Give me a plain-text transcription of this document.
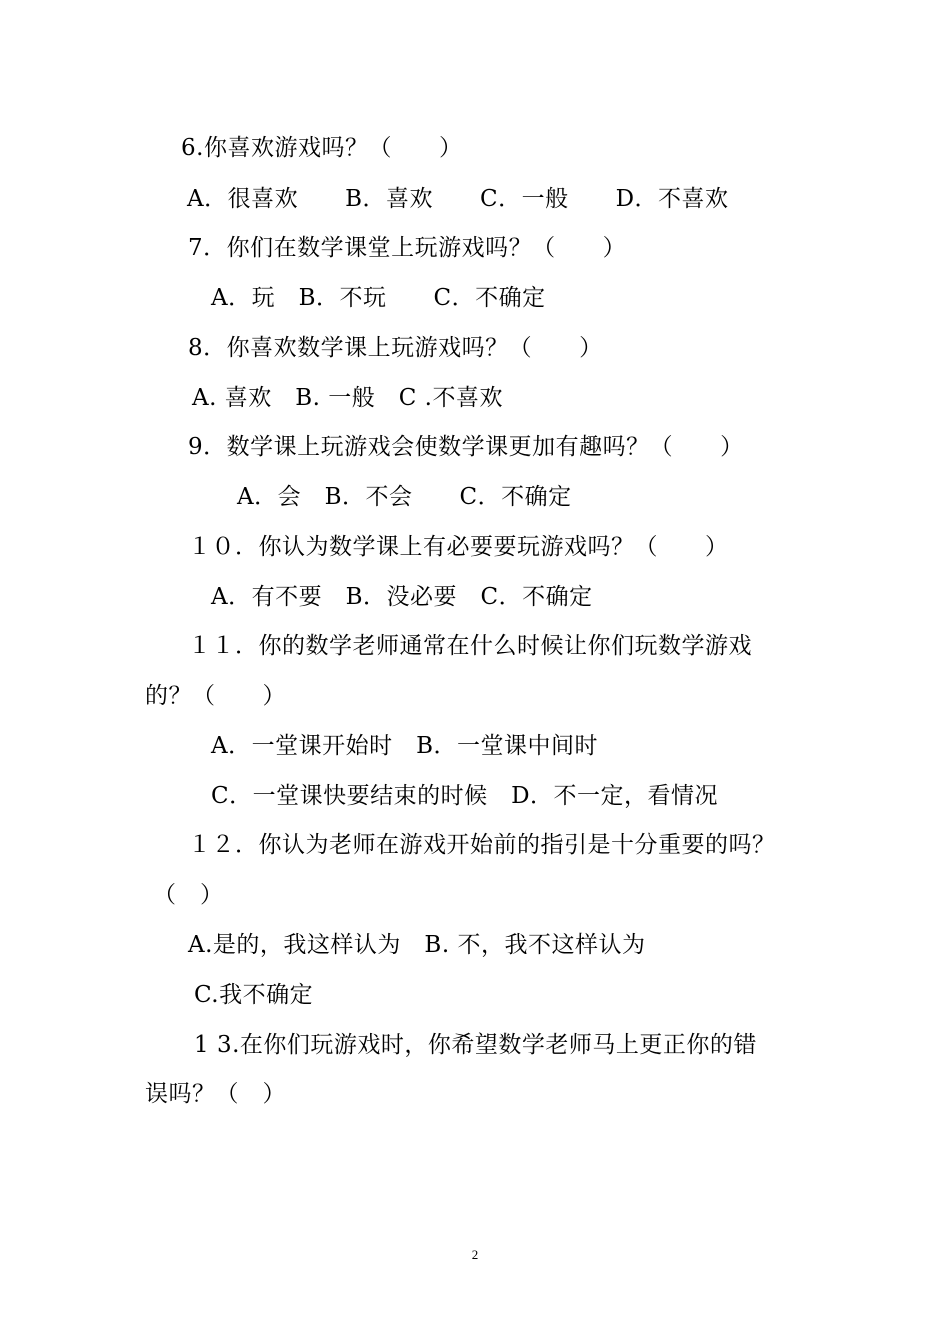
6.你喜欢游戏吗？（　　）
A．很喜欢　　B．喜欢　　C．一般　　D．不喜欢
7．你们在数学课堂上玩游戏吗？（　　）
A．玩　B．不玩　　C．不确定
8．你喜欢数学课上玩游戏吗？（　　）
A. 喜欢　B. 一般　C .不喜欢
9．数学课上玩游戏会使数学课更加有趣吗？（　　）
A．会　B．不会　　C．不确定
１０．你认为数学课上有必要要玩游戏吗？（　　）
A．有不要　B．没必要　C．不确定
１１．你的数学老师通常在什么时候让你们玩数学游戏
的？（　　）
A．一堂课开始时　B．一堂课中间时
C．一堂课快要结束的时候　D．不一定，看情况
１２．你认为老师在游戏开始前的指引是十分重要的吗？
（　）
A.是的，我这样认为　B. 不，我不这样认为
C.我不确定
1 3.在你们玩游戏时，你希望数学老师马上更正你的错
误吗？（　）
2
